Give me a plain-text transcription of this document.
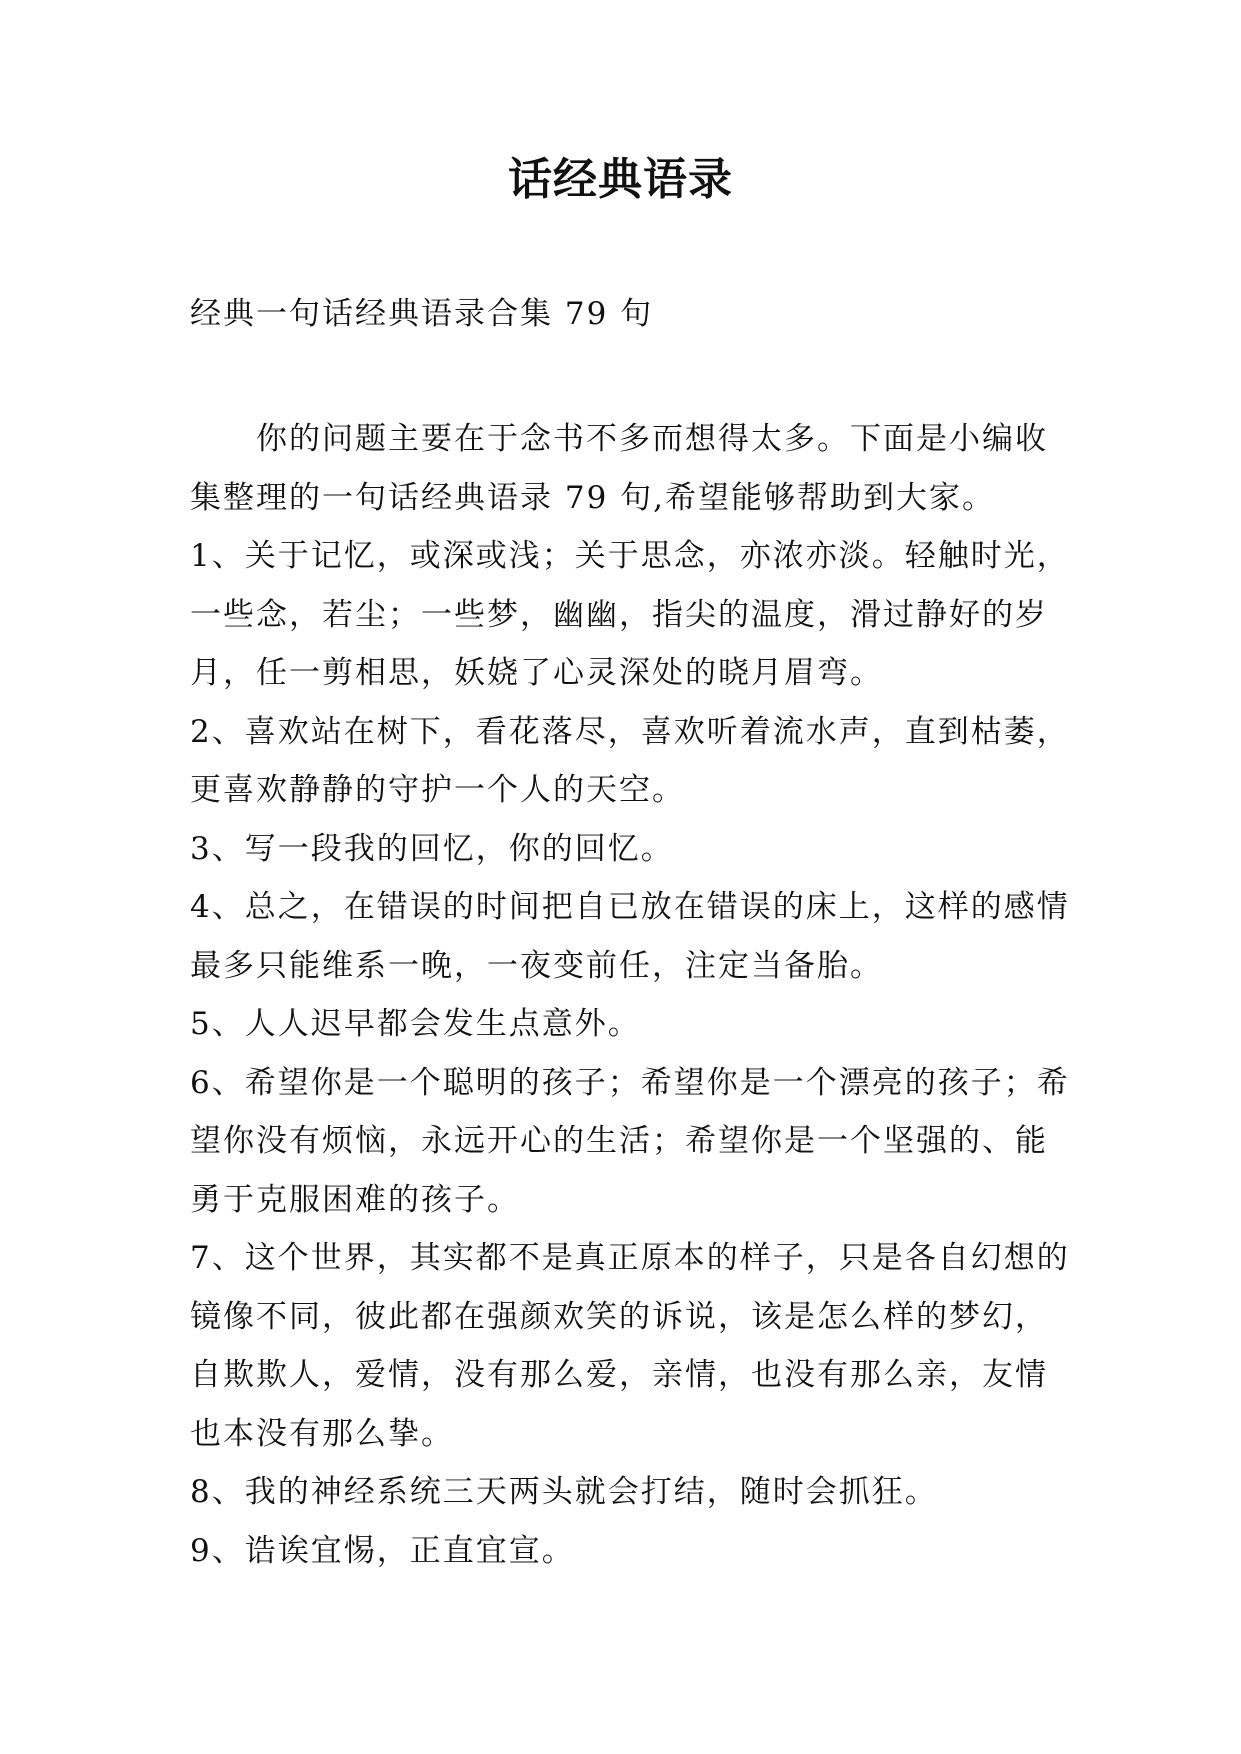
话经典语录
经典一句话经典语录合集 79 句

你的问题主要在于念书不多而想得太多。下面是小编收集整理的一句话经典语录 79 句,希望能够帮助到大家。

1、关于记忆，或深或浅；关于思念，亦浓亦淡。轻触时光，一些念，若尘；一些梦，幽幽，指尖的温度，滑过静好的岁月，任一剪相思，妖娆了心灵深处的晓月眉弯。

2、喜欢站在树下，看花落尽，喜欢听着流水声，直到枯萎，更喜欢静静的守护一个人的天空。

3、写一段我的回忆，你的回忆。

4、总之，在错误的时间把自已放在错误的床上，这样的感情最多只能维系一晚，一夜变前任，注定当备胎。

5、人人迟早都会发生点意外。

6、希望你是一个聪明的孩子；希望你是一个漂亮的孩子；希望你没有烦恼，永远开心的生活；希望你是一个坚强的、能勇于克服困难的孩子。

7、这个世界，其实都不是真正原本的样子，只是各自幻想的镜像不同，彼此都在强颜欢笑的诉说，该是怎么样的梦幻，自欺欺人，爱情，没有那么爱，亲情，也没有那么亲，友情也本没有那么挚。

8、我的神经系统三天两头就会打结，随时会抓狂。

9、诰诶宜惕，正直宜宣。
